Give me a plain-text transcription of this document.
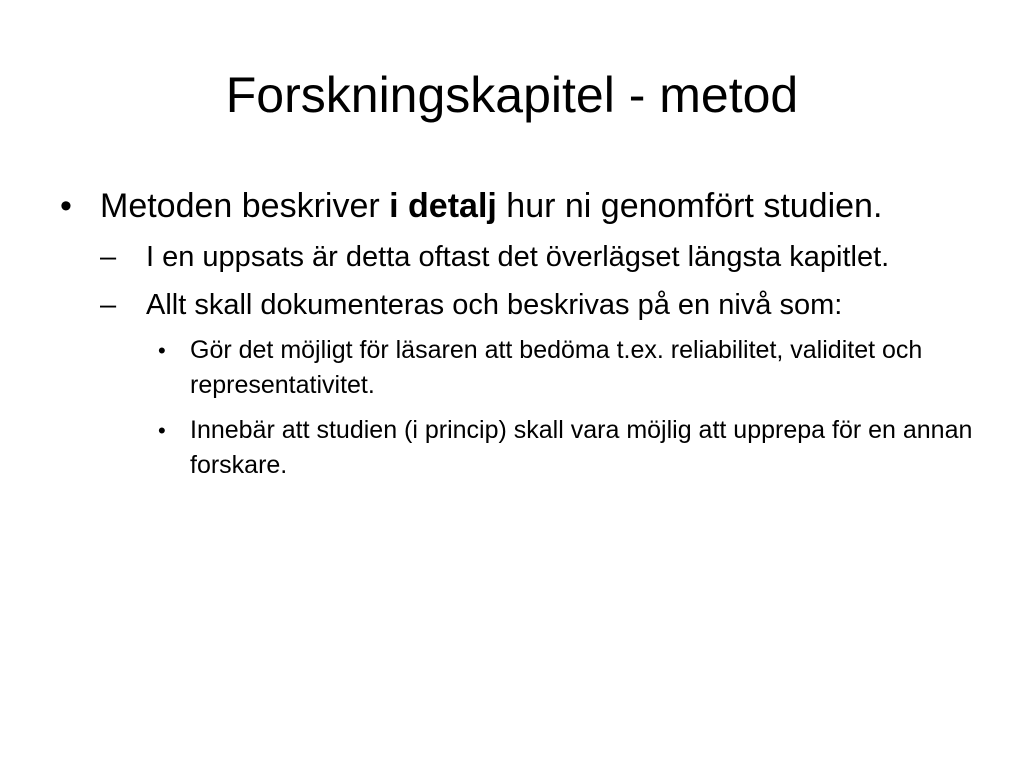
Forskningskapitel - metod
• Metoden beskriver i detalj hur ni genomfört studien.
– I en uppsats är detta oftast det överlägset längsta kapitlet.
– Allt skall dokumenteras och beskrivas på en nivå som:
• Gör det möjligt för läsaren att bedöma t.ex. reliabilitet, validitet och representativitet.
• Innebär att studien (i princip) skall vara möjlig att upprepa för en annan forskare.
